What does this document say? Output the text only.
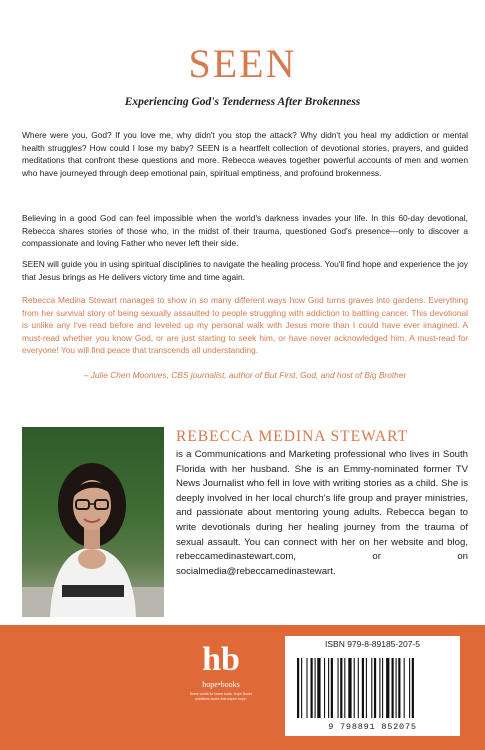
SEEN
Experiencing God's Tenderness After Brokenness
Where were you, God? If you love me, why didn't you stop the attack? Why didn't you heal my addiction or mental health struggles? How could I lose my baby? SEEN is a heartfelt collection of devotional stories, prayers, and guided meditations that confront these questions and more. Rebecca weaves together powerful accounts of men and women who have journeyed through deep emotional pain, spiritual emptiness, and profound brokenness.
Believing in a good God can feel impossible when the world's darkness invades your life. In this 60-day devotional, Rebecca shares stories of those who, in the midst of their trauma, questioned God's presence—only to discover a compassionate and loving Father who never left their side.
SEEN will guide you in using spiritual disciplines to navigate the healing process. You'll find hope and experience the joy that Jesus brings as He delivers victory time and time again.
Rebecca Medina Stewart manages to show in so many different ways how God turns graves into gardens. Everything from her survival story of being sexually assaulted to people struggling with addiction to battling cancer. This devotional is unlike any I've read before and leveled up my personal walk with Jesus more than I could have ever imagined. A must-read whether you know God, or are just starting to seek him, or have never acknowledged him. A must-read for everyone! You will find peace that transcends all understanding.
– Julie Chen Moonves, CBS journalist, author of But First, God, and host of Big Brother
REBECCA MEDINA STEWART
is a Communications and Marketing professional who lives in South Florida with her husband. She is an Emmy-nominated former TV News Journalist who fell in love with writing stories as a child. She is deeply involved in her local church's life group and prayer ministries, and passionate about mentoring young adults. Rebecca began to write devotionals during her healing journey from the trauma of sexual assault. You can connect with her on her website and blog, rebeccamedinastewart.com, or on socialmedia@rebeccamedinastewart.
hb
hope•books
Brave words for brave souls. Hope Books publishes books that inspire hope.
ISBN 979-8-89185-207-5
9 798891 852075
